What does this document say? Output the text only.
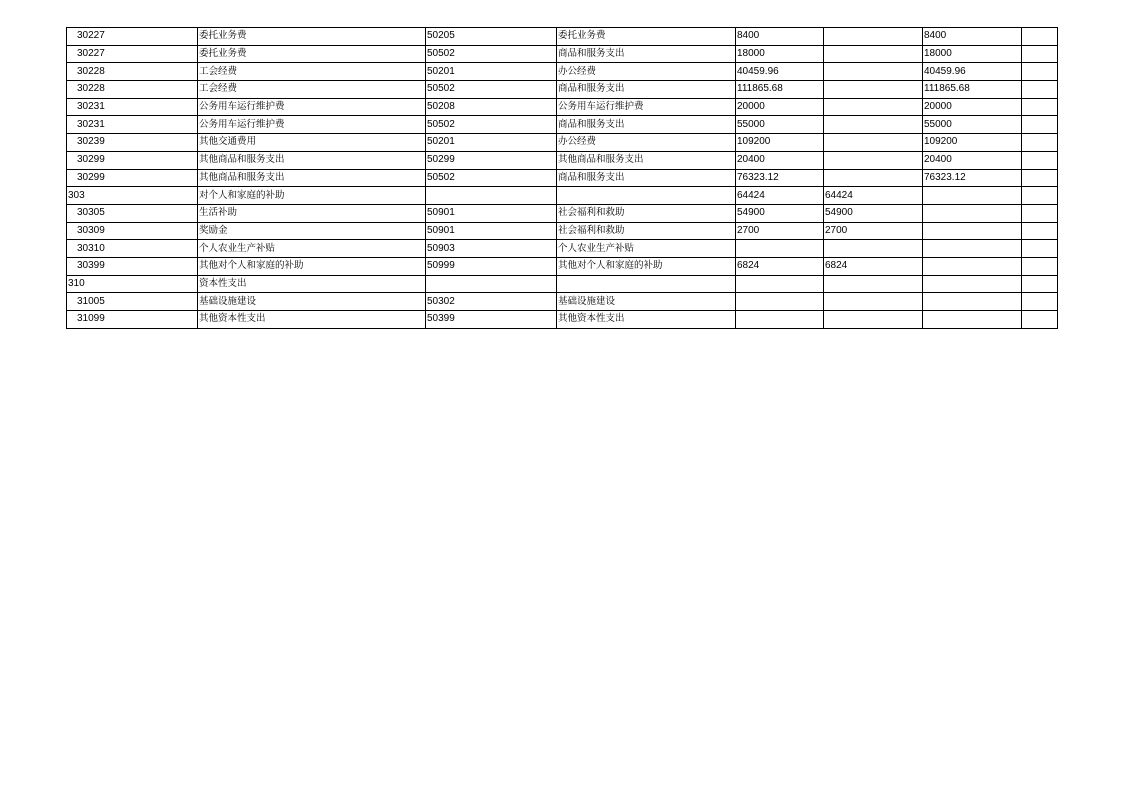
30227	委托业务费	50205	委托业务费	8400		8400	
30227	委托业务费	50502	商品和服务支出	18000		18000	
30228	工会经费	50201	办公经费	40459.96		40459.96	
30228	工会经费	50502	商品和服务支出	111865.68		111865.68	
30231	公务用车运行维护费	50208	公务用车运行维护费	20000		20000	
30231	公务用车运行维护费	50502	商品和服务支出	55000		55000	
30239	其他交通费用	50201	办公经费	109200		109200	
30299	其他商品和服务支出	50299	其他商品和服务支出	20400		20400	
30299	其他商品和服务支出	50502	商品和服务支出	76323.12		76323.12	
303	对个人和家庭的补助			64424	64424		
30305	生活补助	50901	社会福利和救助	54900	54900		
30309	奖励金	50901	社会福利和救助	2700	2700		
30310	个人农业生产补贴	50903	个人农业生产补贴				
30399	其他对个人和家庭的补助	50999	其他对个人和家庭的补助	6824	6824		
310	资本性支出						
31005	基础设施建设	50302	基础设施建设				
31099	其他资本性支出	50399	其他资本性支出				
